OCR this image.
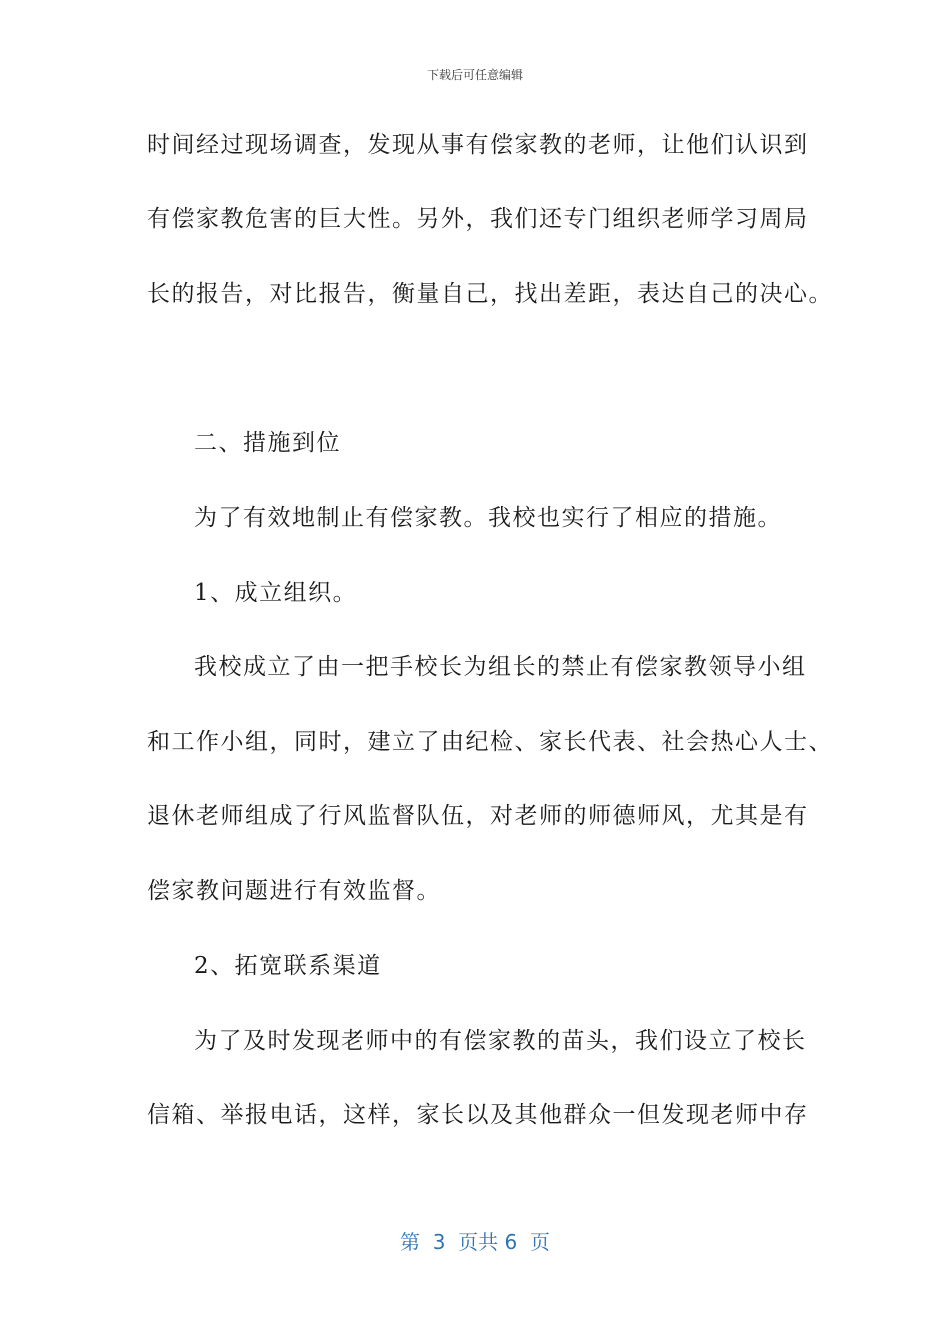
下载后可任意编辑
时间经过现场调查，发现从事有偿家教的老师，让他们认识到
有偿家教危害的巨大性。另外，我们还专门组织老师学习周局
长的报告，对比报告，衡量自己，找出差距，表达自己的决心。
二、措施到位
为了有效地制止有偿家教。我校也实行了相应的措施。
1、成立组织。
我校成立了由一把手校长为组长的禁止有偿家教领导小组
和工作小组，同时，建立了由纪检、家长代表、社会热心人士、
退休老师组成了行风监督队伍，对老师的师德师风，尤其是有
偿家教问题进行有效监督。
2、拓宽联系渠道
为了及时发现老师中的有偿家教的苗头，我们设立了校长
信箱、举报电话，这样，家长以及其他群众一但发现老师中存
第  3  页共 6  页
